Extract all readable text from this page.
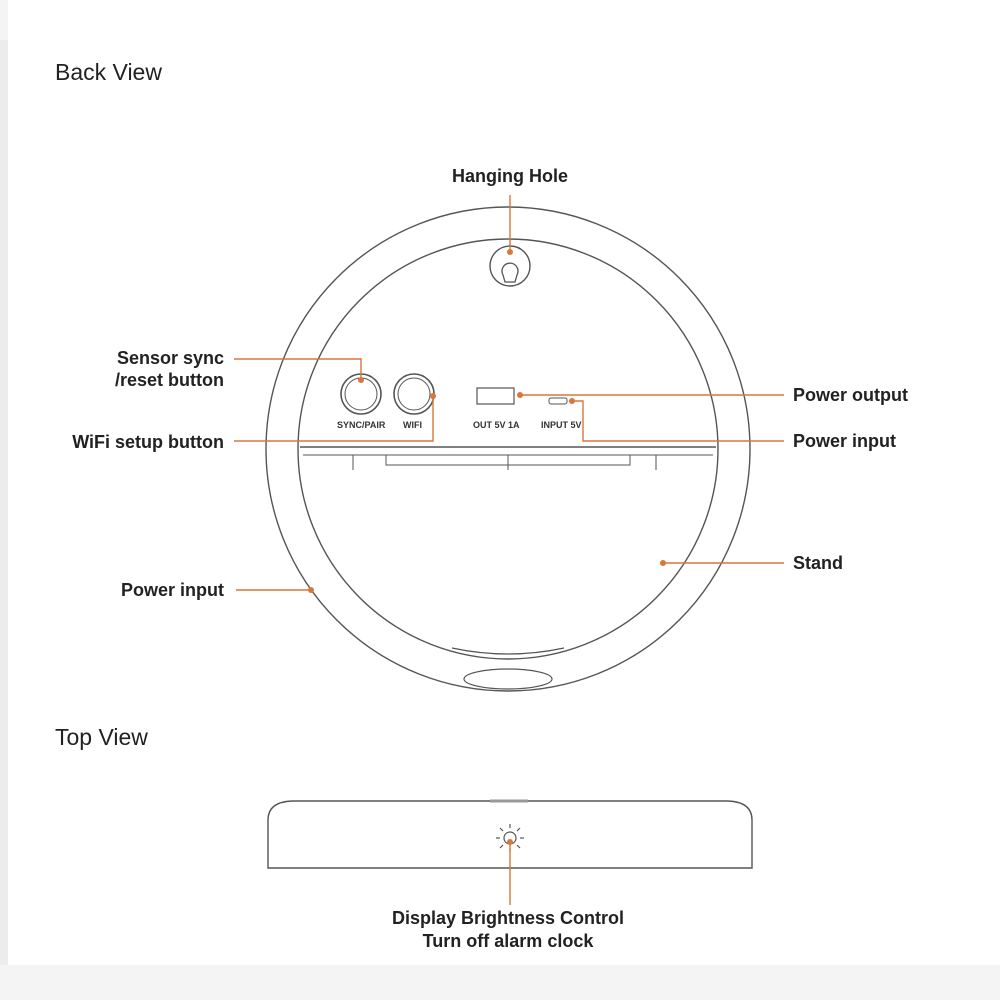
Back View
Top View
SYNC/PAIR WIFI	OUT 5V 1A INPUT 5V
Hanging Hole
Sensor sync
/reset button
WiFi setup button
Power input
Power output
Power input
Stand
Display Brightness Control
Turn off alarm clock
